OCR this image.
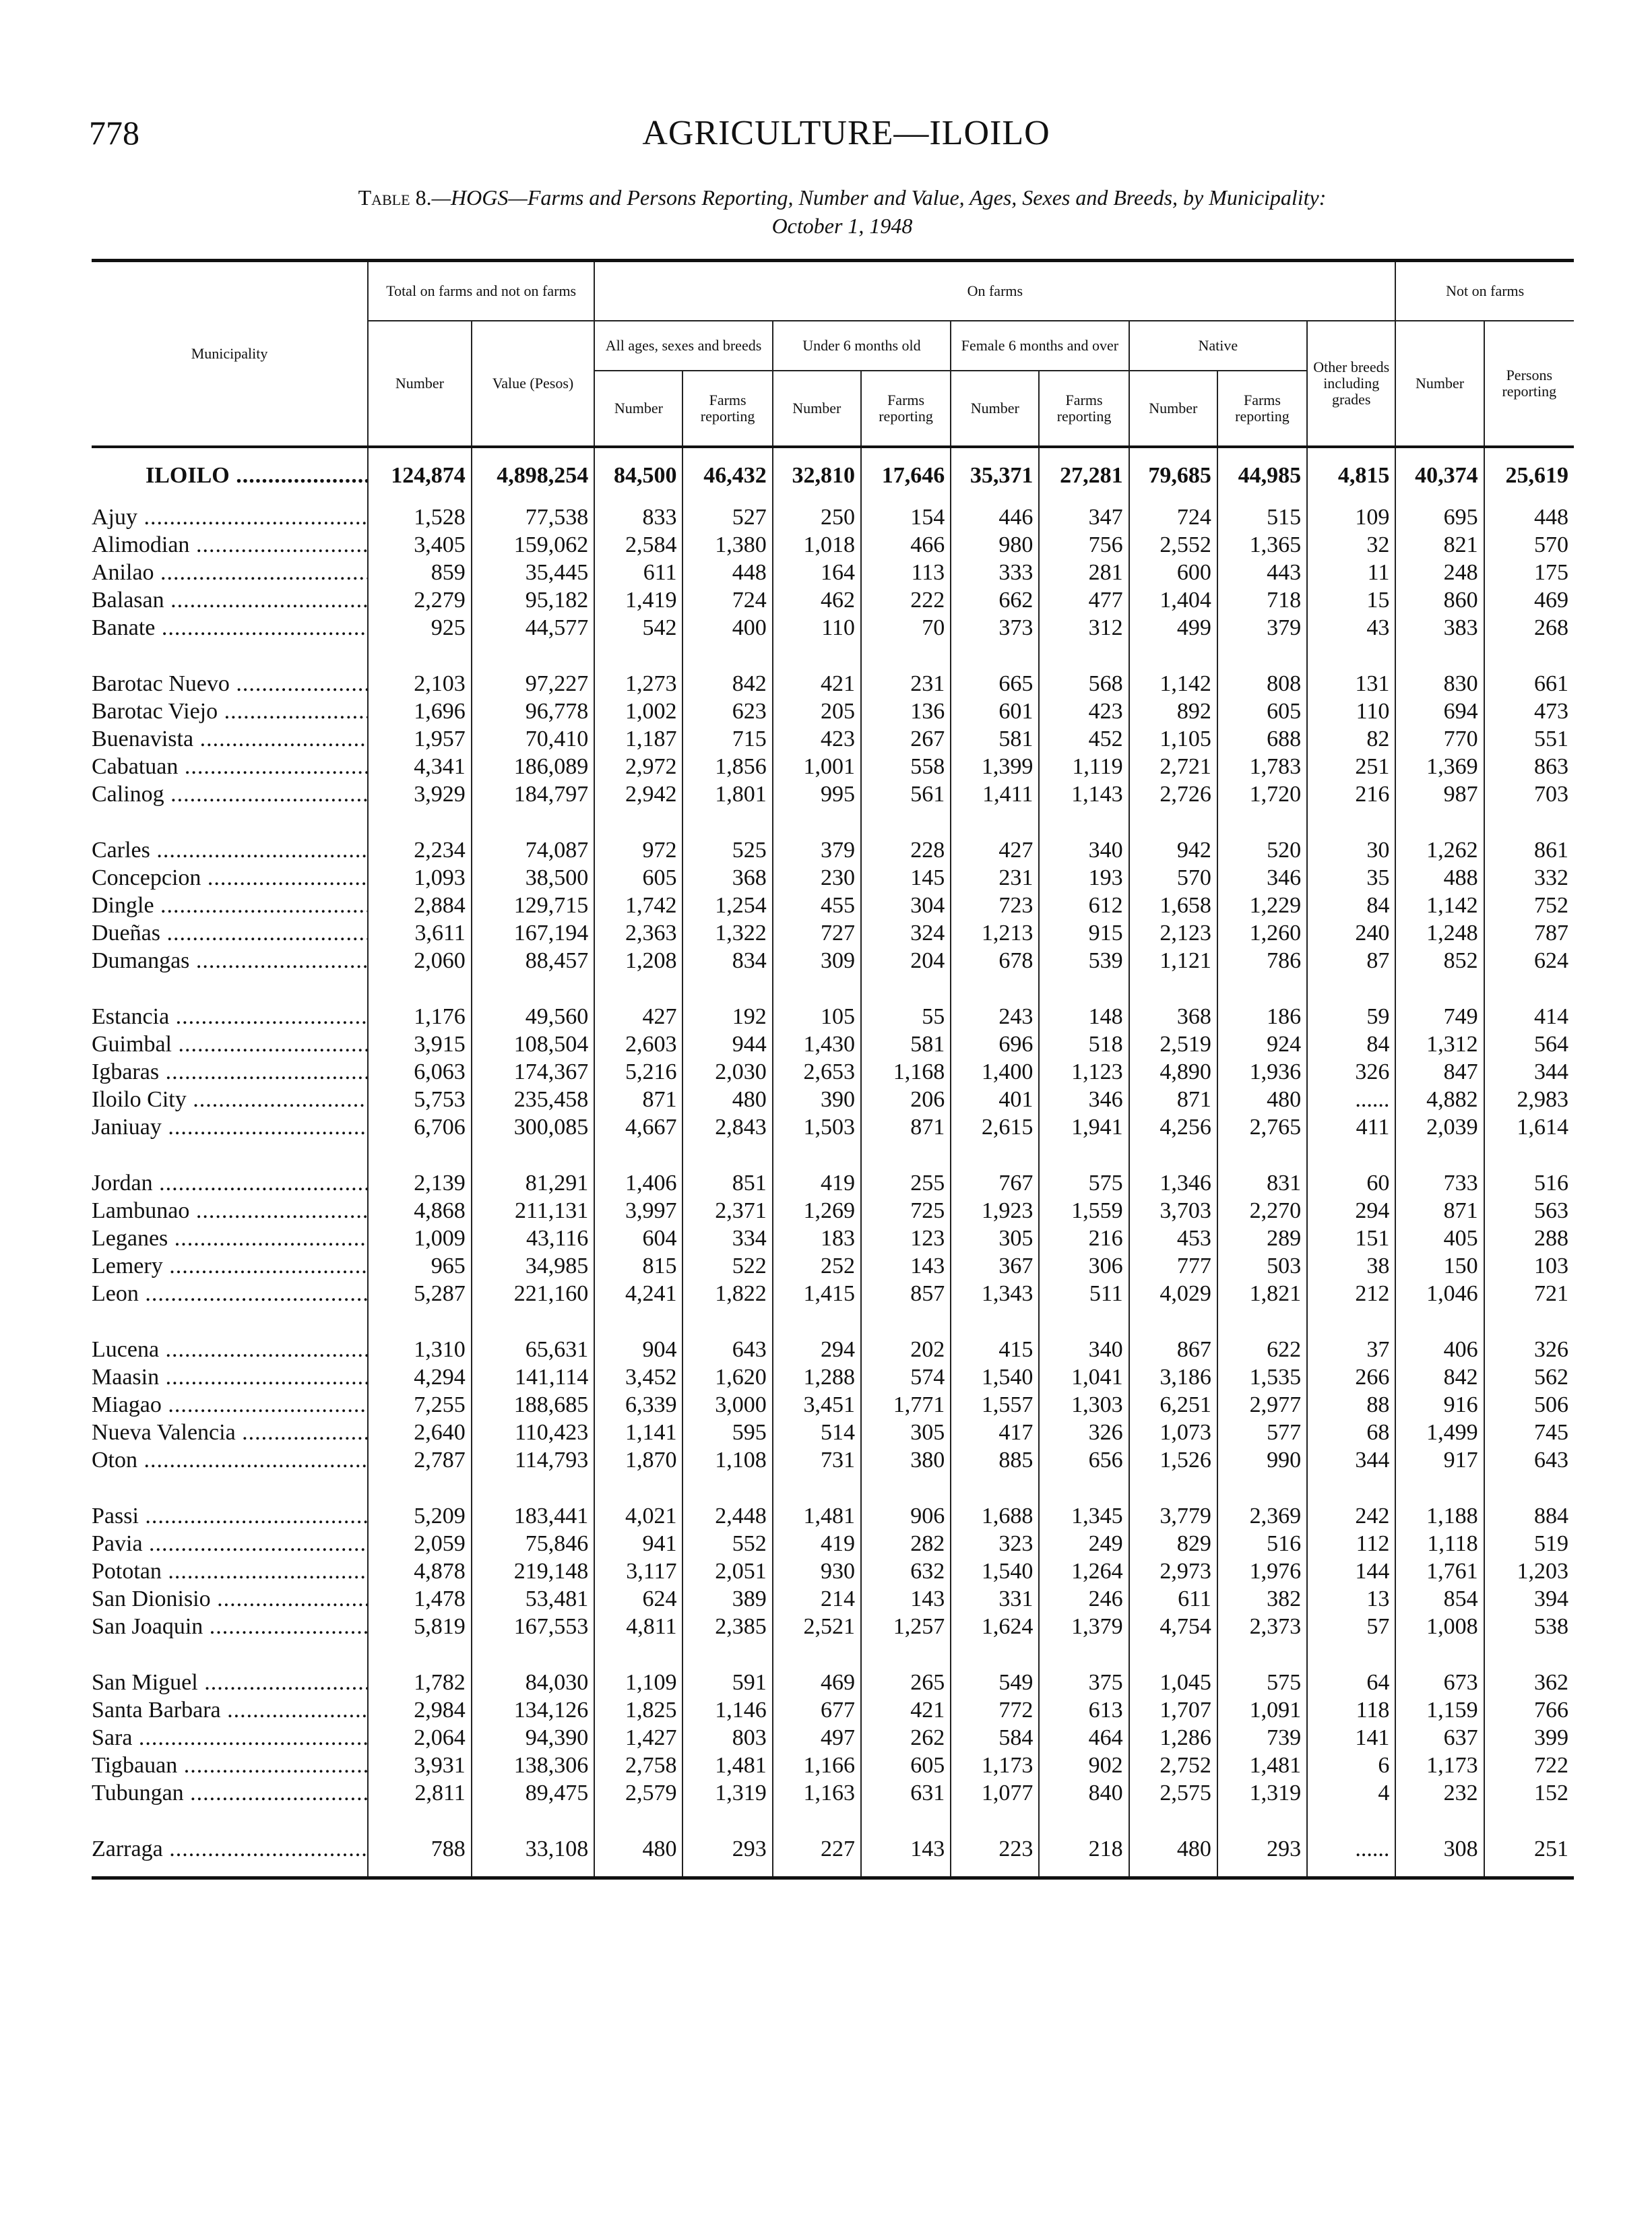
778	AGRICULTURE—ILOILO
Table 8.—HOGS—Farms and Persons Reporting, Number and Value, Ages, Sexes and Breeds, by Municipality:
October 1, 1948
Municipality	Total on farms and not on farms		On farms									Not on farms	
	Number	Value (Pesos)	All ages, sexes and breeds		Under 6 months old		Female 6 months and over		Native		Other breeds including grades	Number	Persons reporting
			Number	Farms reporting	Number	Farms reporting	Number	Farms reporting	Number	Farms reporting			
ILOILO .....	124,874	4,898,254	84,500	46,432	32,810	17,646	35,371	27,281	79,685	44,985	4,815	40,374	25,619
Ajuy .....	1,528	77,538	833	527	250	154	446	347	724	515	109	695	448
Alimodian .....	3,405	159,062	2,584	1,380	1,018	466	980	756	2,552	1,365	32	821	570
Anilao .....	859	35,445	611	448	164	113	333	281	600	443	11	248	175
Balasan .....	2,279	95,182	1,419	724	462	222	662	477	1,404	718	15	860	469
Banate .....	925	44,577	542	400	110	70	373	312	499	379	43	383	268
Barotac Nuevo .....	2,103	97,227	1,273	842	421	231	665	568	1,142	808	131	830	661
Barotac Viejo .....	1,696	96,778	1,002	623	205	136	601	423	892	605	110	694	473
Buenavista .....	1,957	70,410	1,187	715	423	267	581	452	1,105	688	82	770	551
Cabatuan .....	4,341	186,089	2,972	1,856	1,001	558	1,399	1,119	2,721	1,783	251	1,369	863
Calinog .....	3,929	184,797	2,942	1,801	995	561	1,411	1,143	2,726	1,720	216	987	703
Carles .....	2,234	74,087	972	525	379	228	427	340	942	520	30	1,262	861
Concepcion .....	1,093	38,500	605	368	230	145	231	193	570	346	35	488	332
Dingle .....	2,884	129,715	1,742	1,254	455	304	723	612	1,658	1,229	84	1,142	752
Dueñas .....	3,611	167,194	2,363	1,322	727	324	1,213	915	2,123	1,260	240	1,248	787
Dumangas .....	2,060	88,457	1,208	834	309	204	678	539	1,121	786	87	852	624
Estancia .....	1,176	49,560	427	192	105	55	243	148	368	186	59	749	414
Guimbal .....	3,915	108,504	2,603	944	1,430	581	696	518	2,519	924	84	1,312	564
Igbaras .....	6,063	174,367	5,216	2,030	2,653	1,168	1,400	1,123	4,890	1,936	326	847	344
Iloilo City .....	5,753	235,458	871	480	390	206	401	346	871	480	......	4,882	2,983
Janiuay .....	6,706	300,085	4,667	2,843	1,503	871	2,615	1,941	4,256	2,765	411	2,039	1,614
Jordan .....	2,139	81,291	1,406	851	419	255	767	575	1,346	831	60	733	516
Lambunao .....	4,868	211,131	3,997	2,371	1,269	725	1,923	1,559	3,703	2,270	294	871	563
Leganes .....	1,009	43,116	604	334	183	123	305	216	453	289	151	405	288
Lemery .....	965	34,985	815	522	252	143	367	306	777	503	38	150	103
Leon .....	5,287	221,160	4,241	1,822	1,415	857	1,343	511	4,029	1,821	212	1,046	721
Lucena .....	1,310	65,631	904	643	294	202	415	340	867	622	37	406	326
Maasin .....	4,294	141,114	3,452	1,620	1,288	574	1,540	1,041	3,186	1,535	266	842	562
Miagao .....	7,255	188,685	6,339	3,000	3,451	1,771	1,557	1,303	6,251	2,977	88	916	506
Nueva Valencia .....	2,640	110,423	1,141	595	514	305	417	326	1,073	577	68	1,499	745
Oton .....	2,787	114,793	1,870	1,108	731	380	885	656	1,526	990	344	917	643
Passi .....	5,209	183,441	4,021	2,448	1,481	906	1,688	1,345	3,779	2,369	242	1,188	884
Pavia .....	2,059	75,846	941	552	419	282	323	249	829	516	112	1,118	519
Pototan .....	4,878	219,148	3,117	2,051	930	632	1,540	1,264	2,973	1,976	144	1,761	1,203
San Dionisio .....	1,478	53,481	624	389	214	143	331	246	611	382	13	854	394
San Joaquin .....	5,819	167,553	4,811	2,385	2,521	1,257	1,624	1,379	4,754	2,373	57	1,008	538
San Miguel .....	1,782	84,030	1,109	591	469	265	549	375	1,045	575	64	673	362
Santa Barbara .....	2,984	134,126	1,825	1,146	677	421	772	613	1,707	1,091	118	1,159	766
Sara .....	2,064	94,390	1,427	803	497	262	584	464	1,286	739	141	637	399
Tigbauan .....	3,931	138,306	2,758	1,481	1,166	605	1,173	902	2,752	1,481	6	1,173	722
Tubungan .....	2,811	89,475	2,579	1,319	1,163	631	1,077	840	2,575	1,319	4	232	152
Zarraga .....	788	33,108	480	293	227	143	223	218	480	293	......	308	251
